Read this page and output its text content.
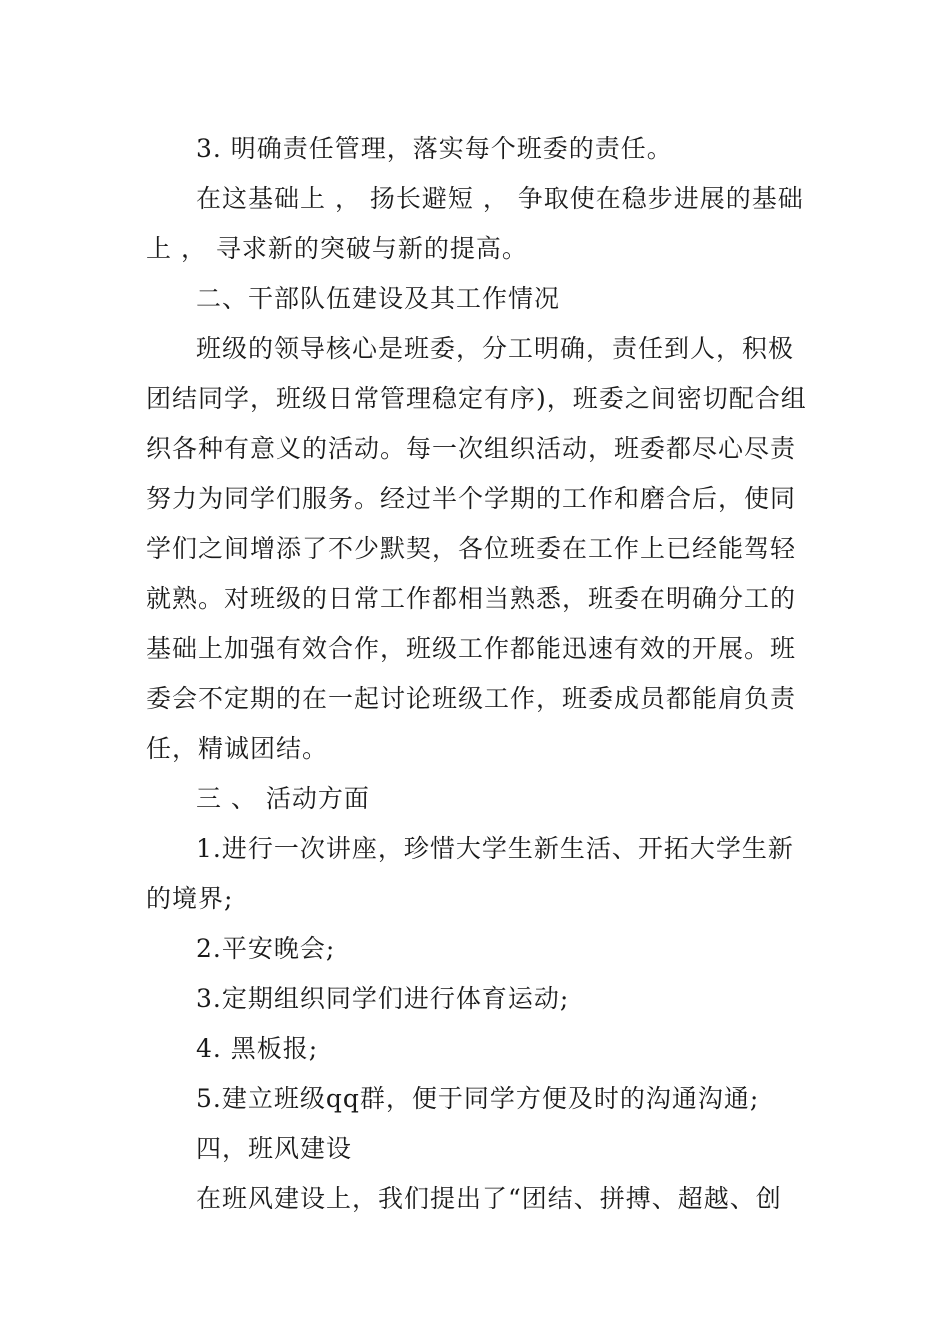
3. 明确责任管理，落实每个班委的责任。
在这基础上 ， 扬长避短 ， 争取使在稳步进展的基础
上 ， 寻求新的突破与新的提高。
二、干部队伍建设及其工作情况
班级的领导核心是班委，分工明确，责任到人，积极
团结同学，班级日常管理稳定有序)，班委之间密切配合组
织各种有意义的活动。每一次组织活动，班委都尽心尽责
努力为同学们服务。经过半个学期的工作和磨合后，使同
学们之间增添了不少默契，各位班委在工作上已经能驾轻
就熟。对班级的日常工作都相当熟悉，班委在明确分工的
基础上加强有效合作，班级工作都能迅速有效的开展。班
委会不定期的在一起讨论班级工作，班委成员都能肩负责
任，精诚团结。
三 、 活动方面
1.进行一次讲座，珍惜大学生新生活、开拓大学生新
的境界;
2.平安晚会;
3.定期组织同学们进行体育运动;
4. 黑板报;
5.建立班级qq群，便于同学方便及时的沟通沟通;
四，班风建设
在班风建设上，我们提出了“团结、拼搏、超越、创
